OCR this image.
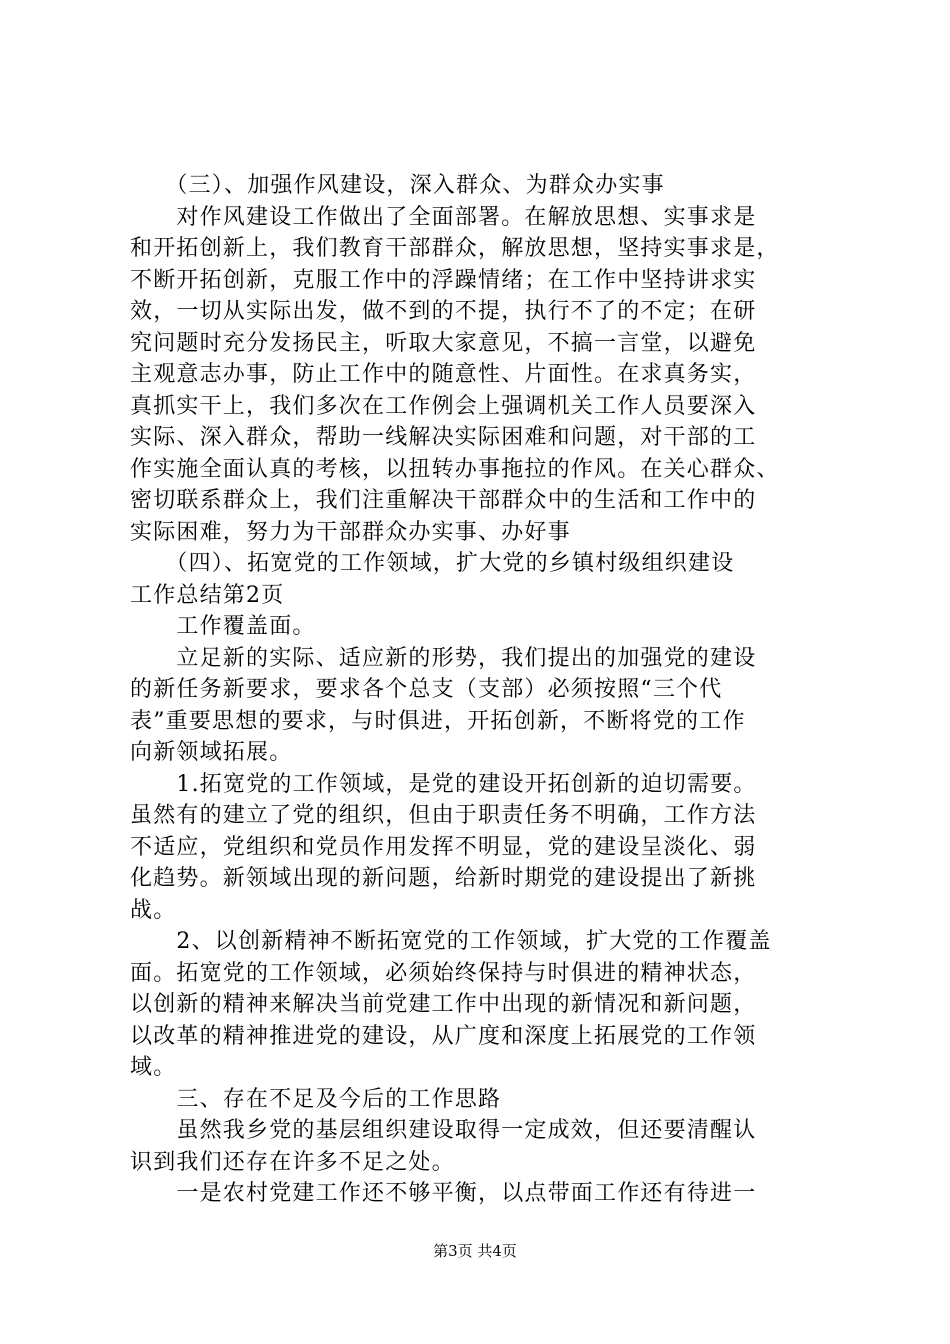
　　（三）、加强作风建设，深入群众、为群众办实事
　　对作风建设工作做出了全面部署。在解放思想、实事求是
和开拓创新上，我们教育干部群众，解放思想，坚持实事求是，
不断开拓创新，克服工作中的浮躁情绪；在工作中坚持讲求实
效，一切从实际出发，做不到的不提，执行不了的不定；在研
究问题时充分发扬民主，听取大家意见，不搞一言堂，以避免
主观意志办事，防止工作中的随意性、片面性。在求真务实，
真抓实干上，我们多次在工作例会上强调机关工作人员要深入
实际、深入群众，帮助一线解决实际困难和问题，对干部的工
作实施全面认真的考核，以扭转办事拖拉的作风。在关心群众、
密切联系群众上，我们注重解决干部群众中的生活和工作中的
实际困难，努力为干部群众办实事、办好事
　　（四）、拓宽党的工作领域，扩大党的乡镇村级组织建设
工作总结第2页
　　工作覆盖面。
　　立足新的实际、适应新的形势，我们提出的加强党的建设
的新任务新要求，要求各个总支（支部）必须按照“三个代
表”重要思想的要求，与时俱进，开拓创新，不断将党的工作
向新领域拓展。
　　1.拓宽党的工作领域，是党的建设开拓创新的迫切需要。
虽然有的建立了党的组织，但由于职责任务不明确，工作方法
不适应，党组织和党员作用发挥不明显，党的建设呈淡化、弱
化趋势。新领域出现的新问题，给新时期党的建设提出了新挑
战。
　　2、以创新精神不断拓宽党的工作领域，扩大党的工作覆盖
面。拓宽党的工作领域，必须始终保持与时俱进的精神状态，
以创新的精神来解决当前党建工作中出现的新情况和新问题，
以改革的精神推进党的建设，从广度和深度上拓展党的工作领
域。
　　三、存在不足及今后的工作思路
　　虽然我乡党的基层组织建设取得一定成效，但还要清醒认
识到我们还存在许多不足之处。
　　一是农村党建工作还不够平衡，以点带面工作还有待进一
第3页 共4页
